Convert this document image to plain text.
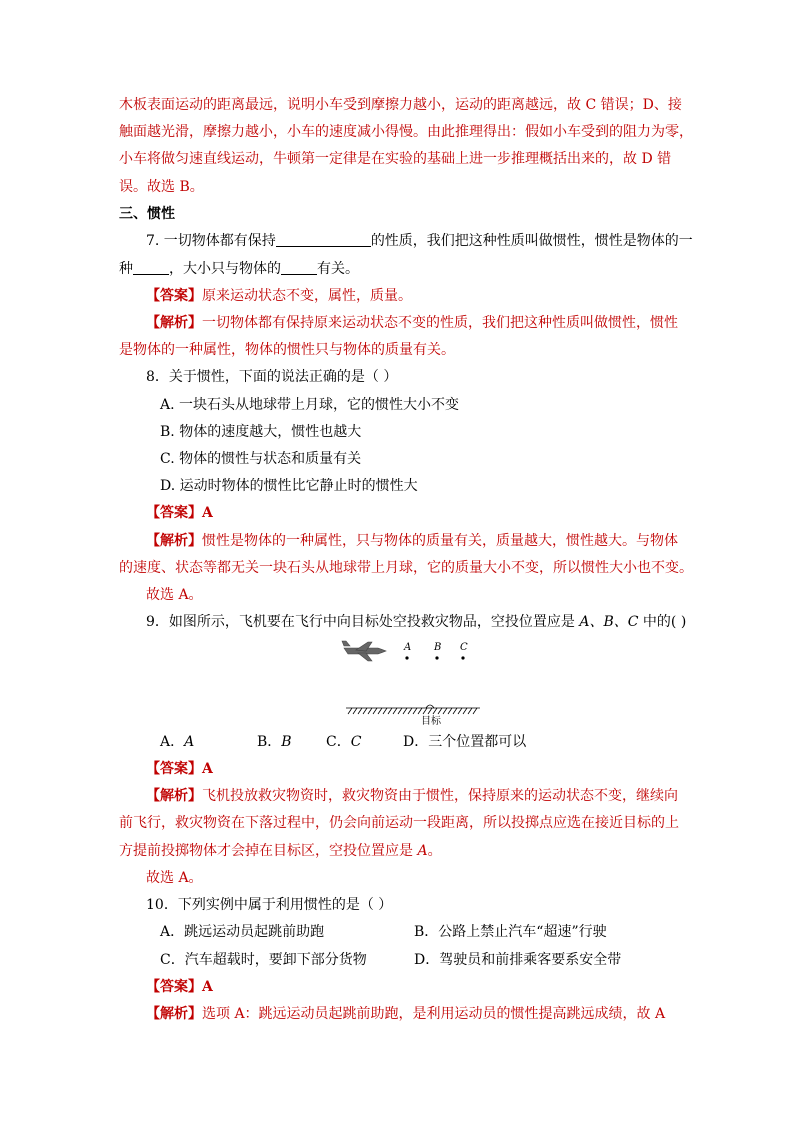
木板表面运动的距离最远，说明小车受到摩擦力越小，运动的距离越远，故 C 错误；D、接
触面越光滑，摩擦力越小，小车的速度减小得慢。由此推理得出：假如小车受到的阻力为零，
小车将做匀速直线运动，牛顿第一定律是在实验的基础上进一步推理概括出来的，故 D 错
误。故选 B。
三、惯性
7. 一切物体都有保持	的性质，我们把这种性质叫做惯性，惯性是物体的一
种	，大小只与物体的	有关。
【答案】原来运动状态不变，属性，质量。
【解析】一切物体都有保持原来运动状态不变的性质，我们把这种性质叫做惯性，惯性
是物体的一种属性，物体的惯性只与物体的质量有关。
8．关于惯性，下面的说法正确的是（ ）
A. 一块石头从地球带上月球，它的惯性大小不变
B. 物体的速度越大，惯性也越大
C. 物体的惯性与状态和质量有关
D. 运动时物体的惯性比它静止时的惯性大
【答案】A
【解析】惯性是物体的一种属性，只与物体的质量有关，质量越大，惯性越大。与物体
的速度、状态等都无关一块石头从地球带上月球，它的质量大小不变，所以惯性大小也不变。
故选 A。
9．如图所示，飞机要在飞行中向目标处空投救灾物品，空投位置应是 A、B、C 中的( )
A B C
目标
A．A	B．B C．C	D．三个位置都可以
【答案】A
【解析】飞机投放救灾物资时，救灾物资由于惯性，保持原来的运动状态不变，继续向
前飞行，救灾物资在下落过程中，仍会向前运动一段距离，所以投掷点应选在接近目标的上
方提前投掷物体才会掉在目标区，空投位置应是 A。
故选 A。
10．下列实例中属于利用惯性的是（ ）
A．跳远运动员起跳前助跑	B．公路上禁止汽车“超速”行驶
C．汽车超载时，要卸下部分货物	D．驾驶员和前排乘客要系安全带
【答案】A
【解析】选项 A：跳远运动员起跳前助跑，是利用运动员的惯性提高跳远成绩，故 A
